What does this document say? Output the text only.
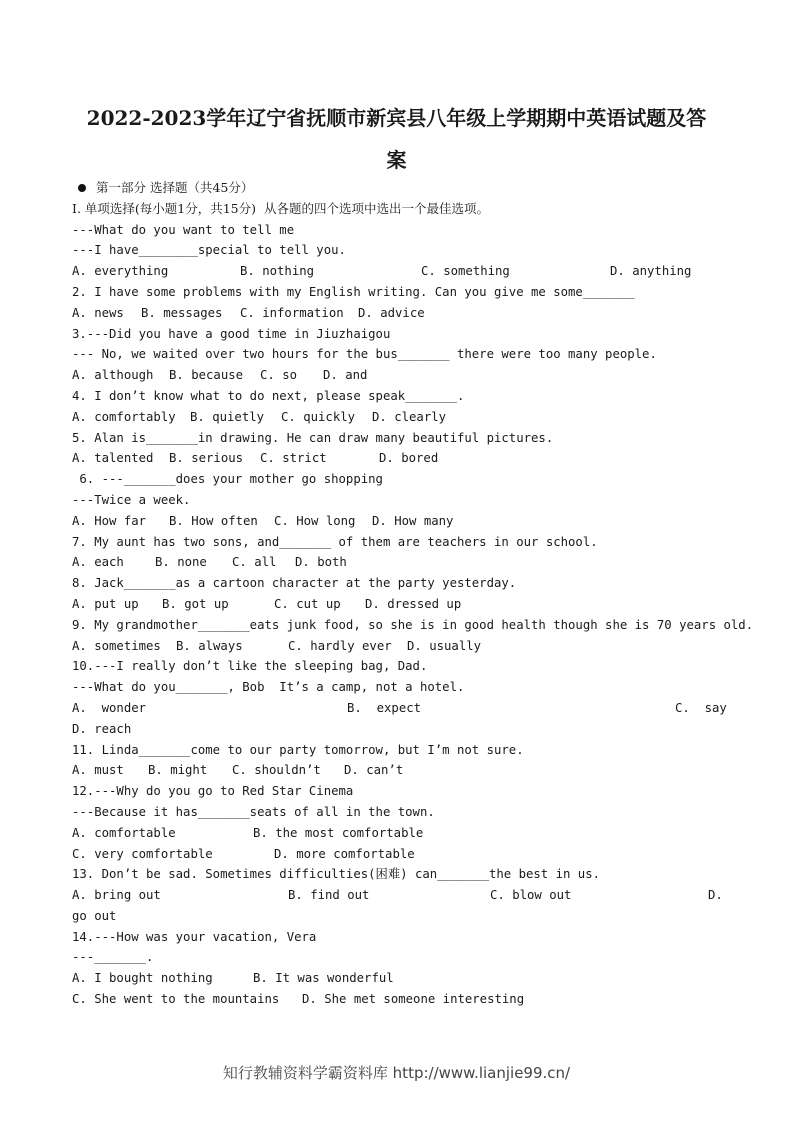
2022-2023学年辽宁省抚顺市新宾县八年级上学期期中英语试题及答
案
第一部分 选择题（共45分）
Ⅰ. 单项选择(每小题1分，共15分)  从各题的四个选项中选出一个最佳选项。
---What do you want to tell me
---I have________special to tell you.

A. everything

	B. nothing

	C. something

	D. anything

2. I have some problems with my English writing. Can you give me some_______

A. news

B. messages

C. information

D. advice

3.---Did you have a good time in Jiuzhaigou
--- No, we waited over two hours for the bus_______ there were too many people.

A. although

B. because

C. so

D. and

4. I don’t know what to do next, please speak_______.

A. comfortably

B. quietly

C. quickly

D. clearly

5. Alan is_______in drawing. He can draw many beautiful pictures.

A. talented

B. serious

C. strict

	D. bored

6. ---_______does your mother go shopping
---Twice a week.

A. How far

B. How often

C. How long

D. How many

7. My aunt has two sons, and_______ of them are teachers in our school.

A. each

	B. none

C. all

D. both

8. Jack_______as a cartoon character at the party yesterday.

A. put up

B. got up

	C. cut up

D. dressed up

9. My grandmother_______eats junk food, so she is in good health though she is 70 years old.

A. sometimes

B. always

	C. hardly ever

D. usually

10.---I really don’t like the sleeping bag, Dad.
---What do you_______, Bob  It’s a camp, not a hotel.

A.  wonder

	B.  expect

	C.  say

D. reach
11. Linda_______come to our party tomorrow, but I’m not sure.

A. must

B. might

C. shouldn’t

D. can’t

12.---Why do you go to Red Star Cinema
---Because it has_______seats of all in the town.

A. comfortable

	B. the most comfortable

C. very comfortable

	D. more comfortable

13. Don’t be sad. Sometimes difficulties(困难) can_______the best in us.

A. bring out

	B. find out

	C. blow out

	D.

go out
14.---How was your vacation, Vera
---_______.

A. I bought nothing

	B. It was wonderful

C. She went to the mountains

D. She met someone interesting

知行教辅资料学霸资料库 http://www.lianjie99.cn/
